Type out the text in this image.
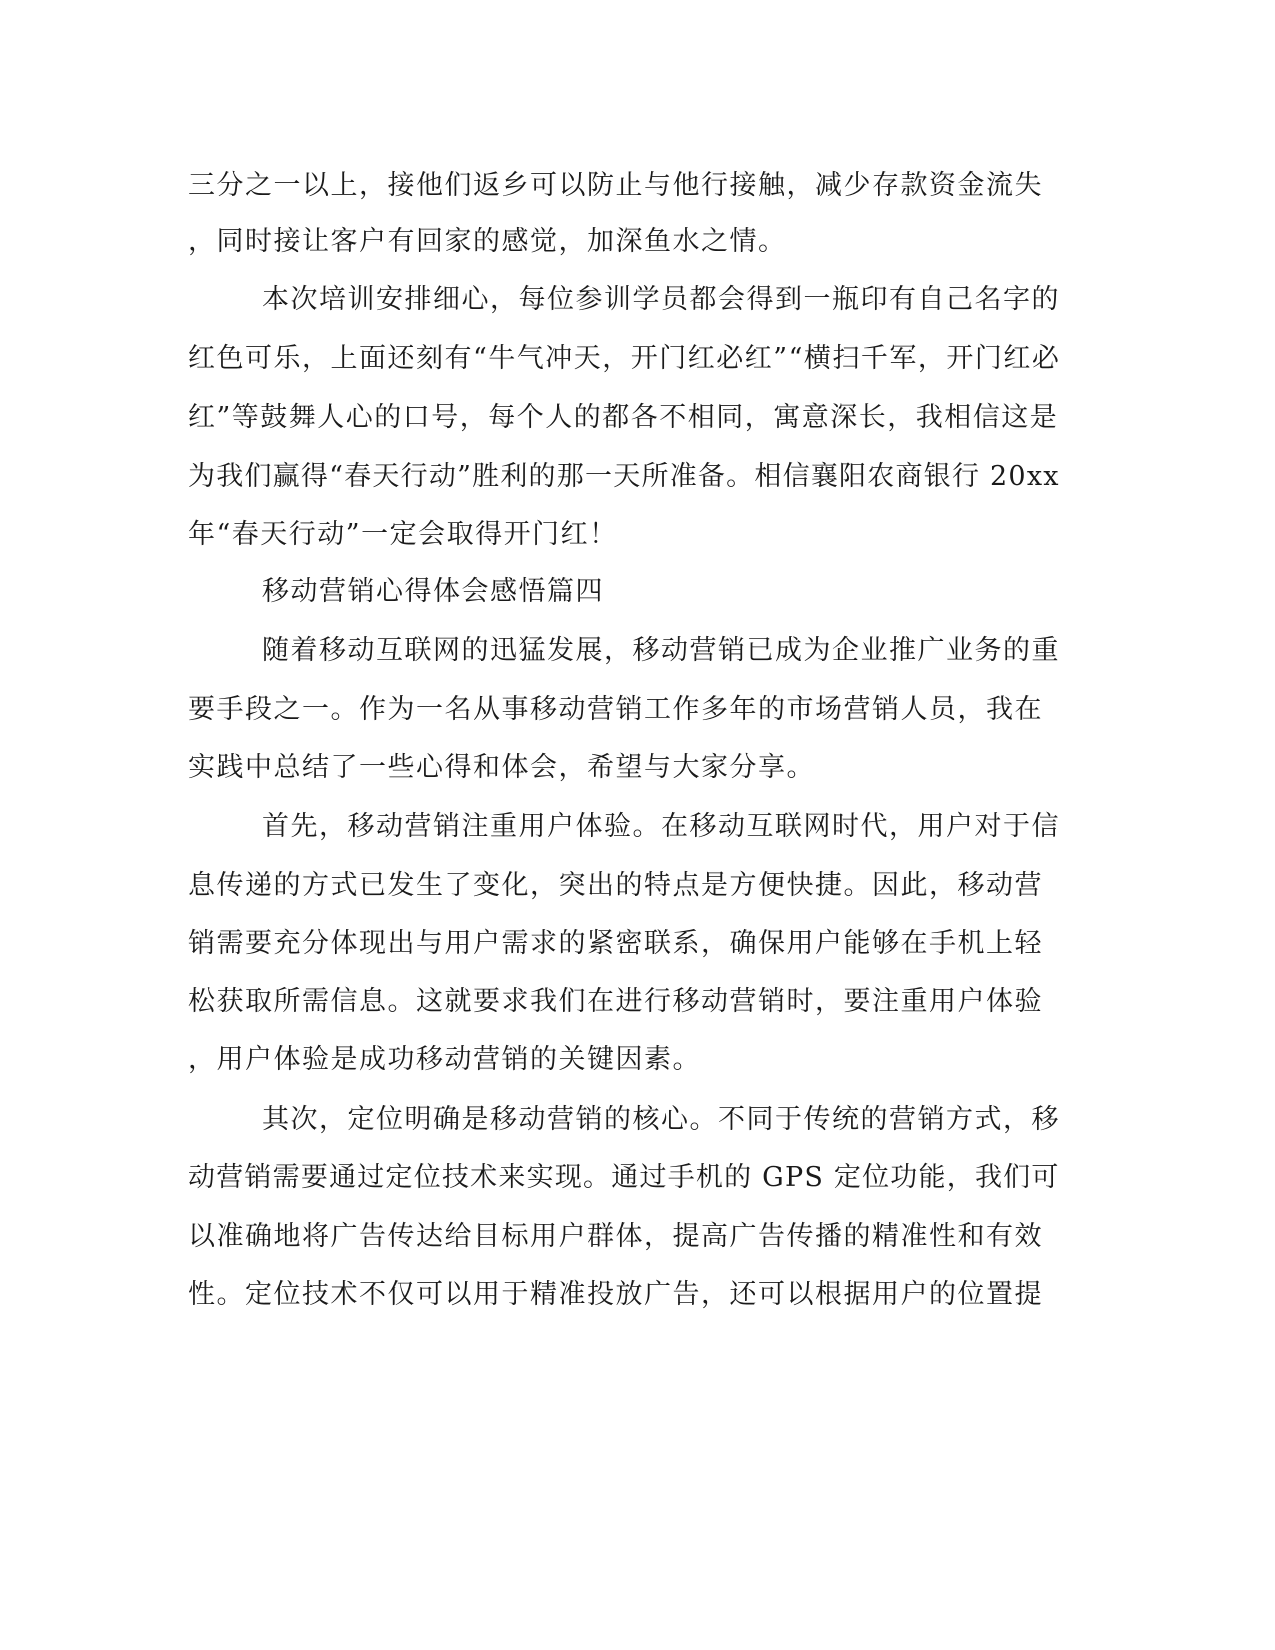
三分之一以上，接他们返乡可以防止与他行接触，减少存款资金流失

，同时接让客户有回家的感觉，加深鱼水之情。

本次培训安排细心，每位参训学员都会得到一瓶印有自己名字的

红色可乐，上面还刻有“牛气冲天，开门红必红”“横扫千军，开门红必

红”等鼓舞人心的口号，每个人的都各不相同，寓意深长，我相信这是

为我们赢得“春天行动”胜利的那一天所准备。相信襄阳农商银行 20xx

年“春天行动”一定会取得开门红！

移动营销心得体会感悟篇四

随着移动互联网的迅猛发展，移动营销已成为企业推广业务的重

要手段之一。作为一名从事移动营销工作多年的市场营销人员，我在

实践中总结了一些心得和体会，希望与大家分享。

首先，移动营销注重用户体验。在移动互联网时代，用户对于信

息传递的方式已发生了变化，突出的特点是方便快捷。因此，移动营

销需要充分体现出与用户需求的紧密联系，确保用户能够在手机上轻

松获取所需信息。这就要求我们在进行移动营销时，要注重用户体验

，用户体验是成功移动营销的关键因素。

其次，定位明确是移动营销的核心。不同于传统的营销方式，移

动营销需要通过定位技术来实现。通过手机的 GPS 定位功能，我们可

以准确地将广告传达给目标用户群体，提高广告传播的精准性和有效

性。定位技术不仅可以用于精准投放广告，还可以根据用户的位置提
